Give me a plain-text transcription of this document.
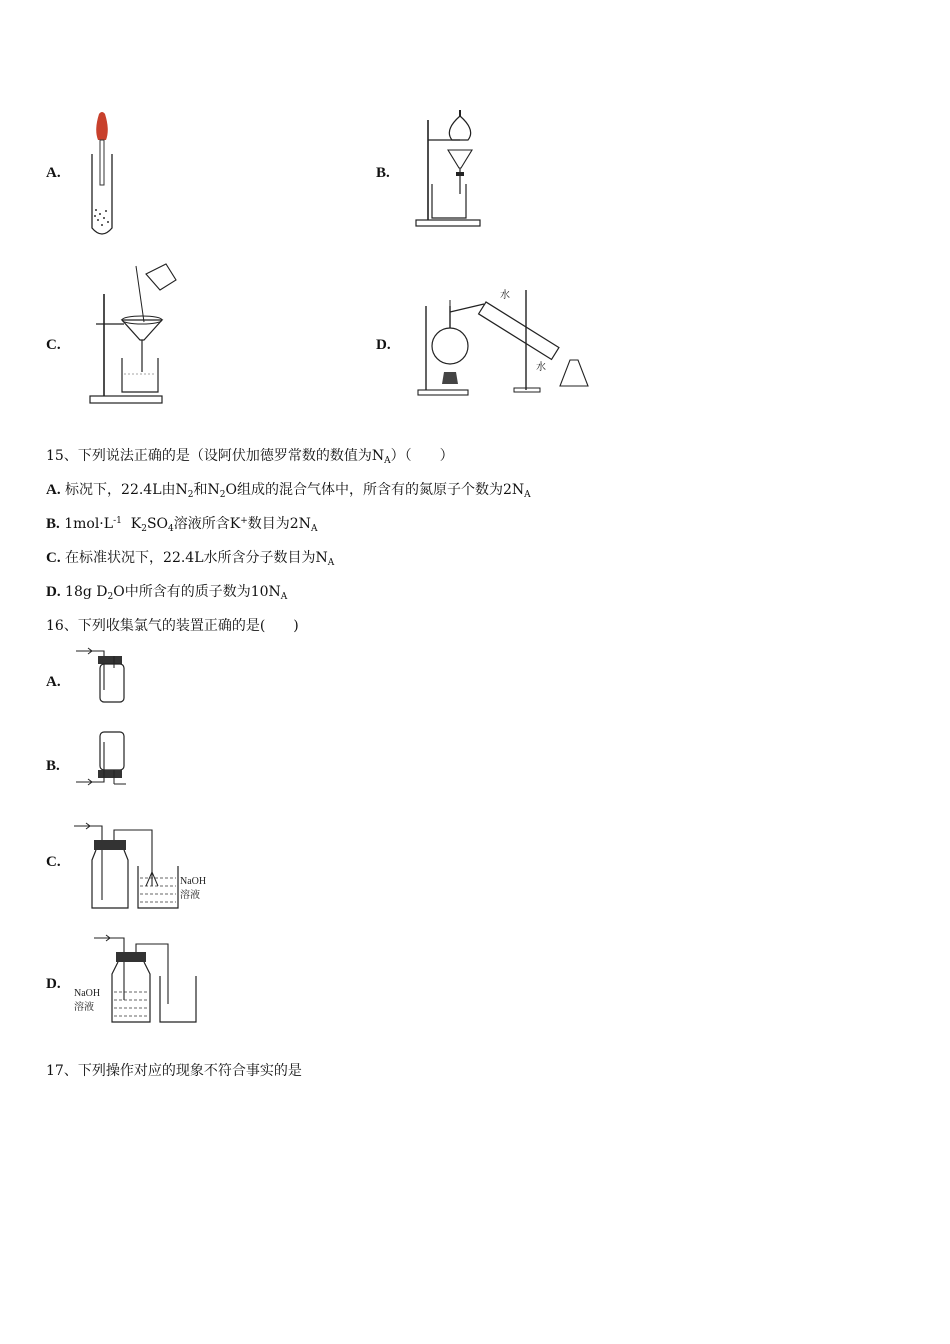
A.	B.
C.	D.
水
水
15、下列说法正确的是（设阿伏加德罗常数的数值为$N_A$）（　　）
A. 标况下，22.4L由$N_2$和$N_2O$组成的混合气体中，所含有的氮原子个数为$2N_A$
B. $1mol\cdot L^{-1}$  $K_2SO_4$溶液所含K+数目为$2N_A$
C. 在标准状况下，22.4L水所含分子数目为$N_A$
D. 18g $D_2O$中所含有的质子数为$10N_A$
16、下列收集氯气的装置正确的是(　　)
A.
B.
C.
NaOH
溶液
D.
NaOH
溶液
17、下列操作对应的现象不符合事实的是
